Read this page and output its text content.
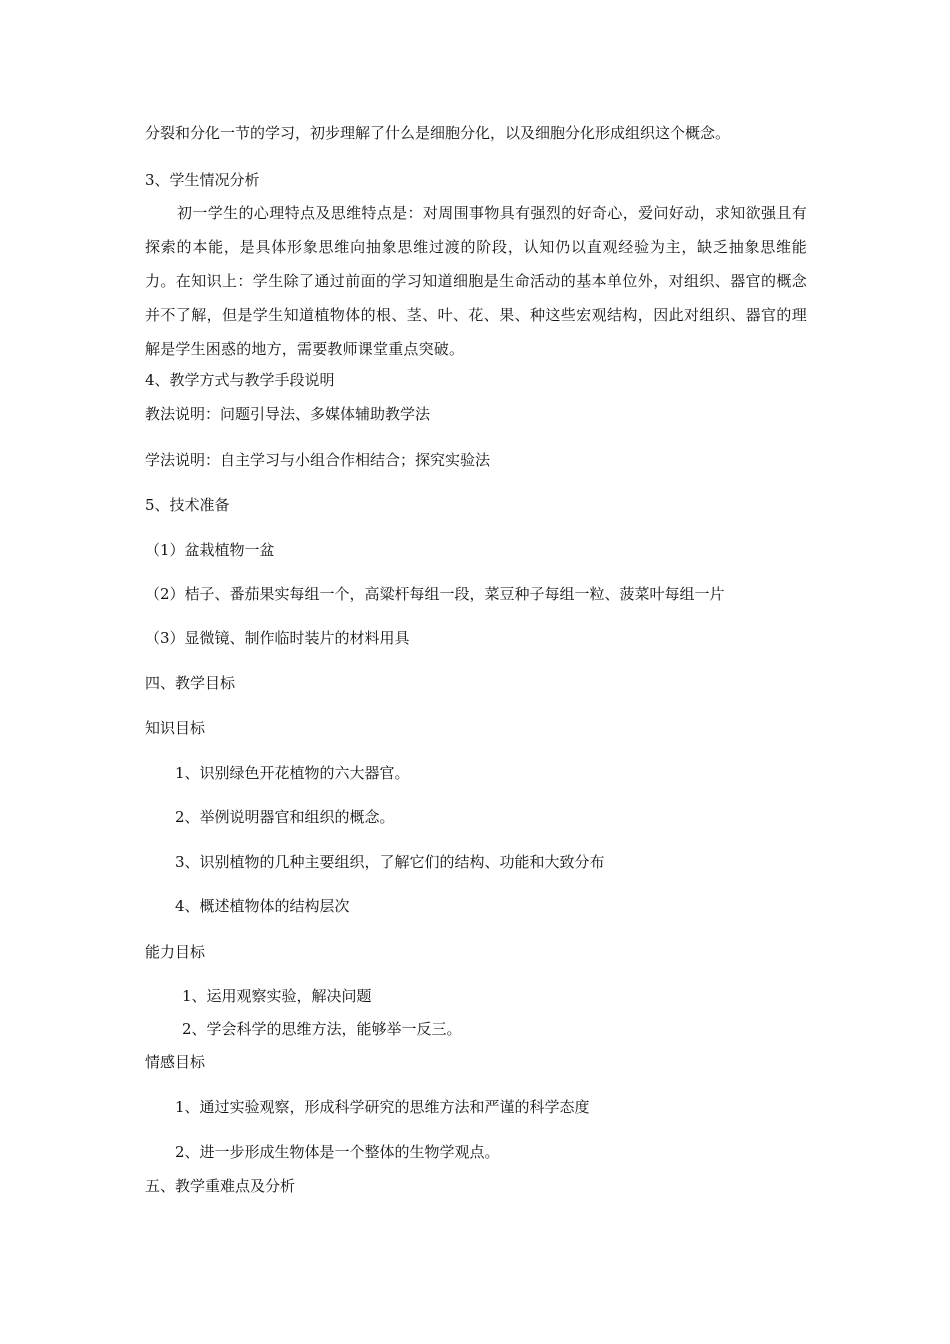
分裂和分化一节的学习，初步理解了什么是细胞分化，以及细胞分化形成组织这个概念。
3、学生情况分析
初一学生的心理特点及思维特点是：对周围事物具有强烈的好奇心，爱问好动，求知欲强且有探索的本能，是具体形象思维向抽象思维过渡的阶段，认知仍以直观经验为主，缺乏抽象思维能力。在知识上：学生除了通过前面的学习知道细胞是生命活动的基本单位外，对组织、器官的概念并不了解，但是学生知道植物体的根、茎、叶、花、果、种这些宏观结构，因此对组织、器官的理解是学生困惑的地方，需要教师课堂重点突破。
4、教学方式与教学手段说明
教法说明：问题引导法、多媒体辅助教学法
学法说明：自主学习与小组合作相结合；探究实验法
5、技术准备
（1）盆栽植物一盆
（2）桔子、番茄果实每组一个，高粱杆每组一段，菜豆种子每组一粒、菠菜叶每组一片
（3）显微镜、制作临时装片的材料用具
四、教学目标
知识目标
1、识别绿色开花植物的六大器官。
2、举例说明器官和组织的概念。
3、识别植物的几种主要组织，了解它们的结构、功能和大致分布
4、概述植物体的结构层次
能力目标
1、运用观察实验，解决问题
2、学会科学的思维方法，能够举一反三。
情感目标
1、通过实验观察，形成科学研究的思维方法和严谨的科学态度
2、进一步形成生物体是一个整体的生物学观点。
五、教学重难点及分析
